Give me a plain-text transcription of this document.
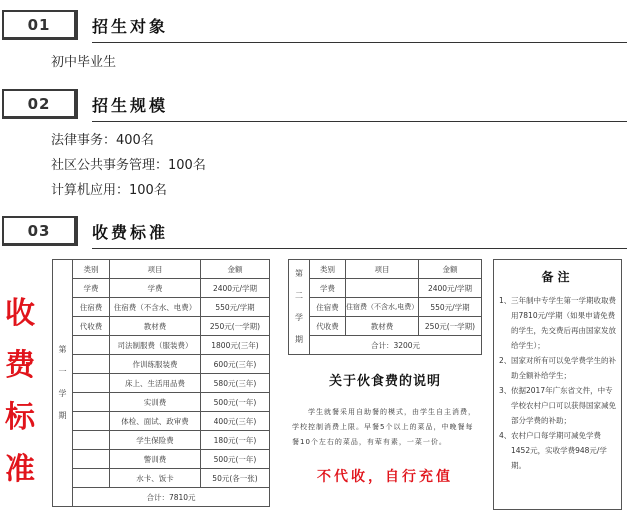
01	招生对象
初中毕业生
02	招生规模
法律事务：400名
社区公共事务管理：100名
计算机应用：100名
03	收费标准
收
费
标
准
第
一
学
期	类别	项目	金额
	学费	学费	2400元/学期
	住宿费	住宿费（不含水、电费）	550元/学期
	代收费	教材费	250元(一学期)
		司法制服费（服装费）	1800元(三年)
		作训练服装费	600元(三年)
		床上、生活用品费	580元(三年)
		实训费	500元(一年)
		体检、面试、政审费	400元(三年)
		学生保险费	180元(一年)
		警训费	500元(一年)
		水卡、饭卡	50元(各一张)
	合计：7810元		
第
二
学
期	类别	项目	金额
	学费		2400元/学期
	住宿费	住宿费（不含水,电费）	550元/学期
	代收费	教材费	250元(一学期)
	合计：3200元		
关于伙食费的说明
  学生就餐采用自助餐的模式，由学生自主消费，学校控制消费上限。早餐5个以上的菜品，中晚餐每餐10个左右的菜品，有荤有素，一菜一价。
不代收，自行充值
备注
1、 三年制中专学生第一学期收取费用7810元/学期（如果申请免费的学生，先交费后再由国家发放给学生）；
2、 国家对所有可以免学费学生的补助全额补给学生；
3、 依据2017年广东省文件，中专学校农村户口可以获得国家减免部分学费的补助；
4、 农村户口每学期可减免学费1452元，实收学费948元/学期。
